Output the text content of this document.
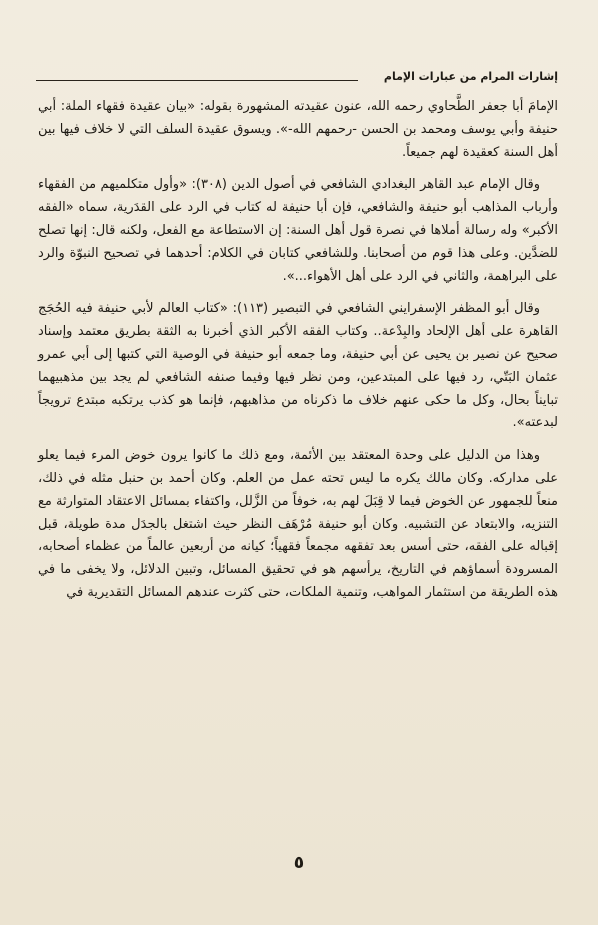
إشارات المرام من عبارات الإمام

الإمامَ أبا جعفر الطَّحاوي رحمه الله، عنون عقيدته المشهورة بقوله: «بيان عقيدة فقهاء الملة: أبي حنيفة وأبي يوسف ومحمد بن الحسن -رحمهم الله-». ويسوق عقيدة السلف التي لا خلاف فيها بين أهل السنة كعقيدة لهم جميعاً.

وقال الإمام عبد القاهر البغدادي الشافعي في أصول الدين (٣٠٨): «وأول متكلميهم من الفقهاء وأرباب المذاهب أبو حنيفة والشافعي، فإن أبا حنيفة له كتاب في الرد على القدَرية، سماه «الفقه الأكبر» وله رسالة أملاها في نصرة قول أهل السنة: إن الاستطاعة مع الفعل، ولكنه قال: إنها تصلح للضدَّين. وعلى هذا قوم من أصحابنا. وللشافعي كتابان في الكلام: أحدهما في تصحيح النبوّة والرد على البراهمة، والثاني في الرد على أهل الأهواء...».

وقال أبو المظفر الإسفرايني الشافعي في التبصير (١١٣): «كتاب العالم لأبي حنيفة فيه الحُجَج القاهرة على أهل الإلحاد والبِدْعة.. وكتاب الفقه الأكبر الذي أخبرنا به الثقة بطريق معتمد وإسناد صحيح عن نصير بن يحيى عن أبي حنيفة، وما جمعه أبو حنيفة في الوصية التي كتبها إلى أبي عمرو عثمان البَتّي، رد فيها على المبتدعين، ومن نظر فيها وفيما صنفه الشافعي لم يجد بين مذهبيهما تبايناً بحال، وكل ما حكى عنهم خلاف ما ذكرناه من مذاهبهم، فإنما هو كذب يرتكبه مبتدع ترويجاً لبدعته».

وهذا من الدليل على وحدة المعتقد بين الأئمة، ومع ذلك ما كانوا يرون خوض المرء فيما يعلو على مداركه. وكان مالك يكره ما ليس تحته عمل من العلم. وكان أحمد بن حنبل مثله في ذلك، منعاً للجمهور عن الخوض فيما لا قِبَلَ لهم به، خوفاً من الزَّلل، واكتفاء بمسائل الاعتقاد المتوارثة مع التنزيه، والابتعاد عن التشبيه. وكان أبو حنيفة مُرْهَف النظر حيث اشتغل بالجدَل مدة طويلة، قبل إقباله على الفقه، حتى أسس بعد تفقهه مجمعاً فقهياً؛ كيانه من أربعين عالماً من عظماء أصحابه، المسرودة أسماؤهم في التاريخ، يرأسهم هو في تحقيق المسائل، وتبين الدلائل، ولا يخفى ما في هذه الطريقة من استثمار المواهب، وتنمية الملكات، حتى كثرت عندهم المسائل التقديرية في

٥
